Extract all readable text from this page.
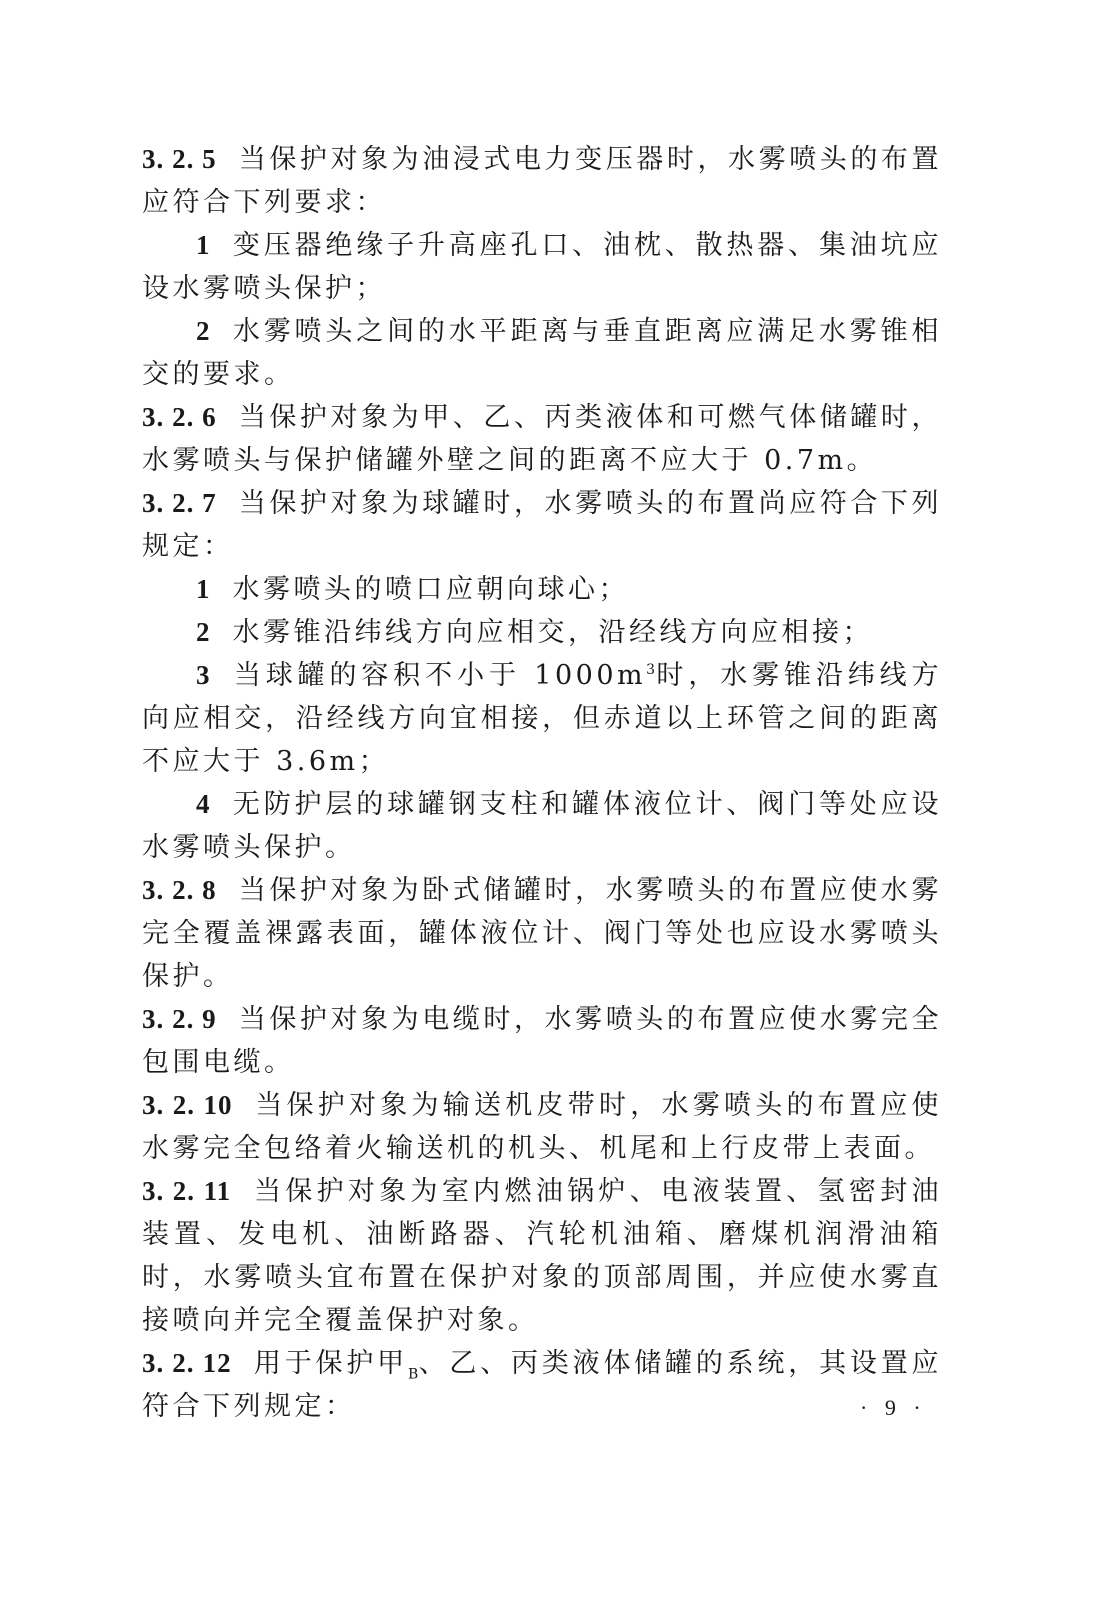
3. 2. 5 当保护对象为油浸式电力变压器时，水雾喷头的布置应符合下列要求：

1 变压器绝缘子升高座孔口、油枕、散热器、集油坑应设水雾喷头保护；

2 水雾喷头之间的水平距离与垂直距离应满足水雾锥相交的要求。

3. 2. 6 当保护对象为甲、乙、丙类液体和可燃气体储罐时，水雾喷头与保护储罐外壁之间的距离不应大于 0.7m。

3. 2. 7 当保护对象为球罐时，水雾喷头的布置尚应符合下列规定：

1 水雾喷头的喷口应朝向球心；

2 水雾锥沿纬线方向应相交，沿经线方向应相接；

3 当球罐的容积不小于 $1000m^3$时，水雾锥沿纬线方向应相交，沿经线方向宜相接，但赤道以上环管之间的距离不应大于 3.6m；

4 无防护层的球罐钢支柱和罐体液位计、阀门等处应设水雾喷头保护。

3. 2. 8 当保护对象为卧式储罐时，水雾喷头的布置应使水雾完全覆盖裸露表面，罐体液位计、阀门等处也应设水雾喷头保护。

3. 2. 9 当保护对象为电缆时，水雾喷头的布置应使水雾完全包围电缆。

3. 2. 10 当保护对象为输送机皮带时，水雾喷头的布置应使水雾完全包络着火输送机的机头、机尾和上行皮带上表面。

3. 2. 11 当保护对象为室内燃油锅炉、电液装置、氢密封油装置、发电机、油断路器、汽轮机油箱、磨煤机润滑油箱时，水雾喷头宜布置在保护对象的顶部周围，并应使水雾直接喷向并完全覆盖保护对象。

3. 2. 12 用于保护甲$_B$、乙、丙类液体储罐的系统，其设置应符合下列规定：	· 9 ·
